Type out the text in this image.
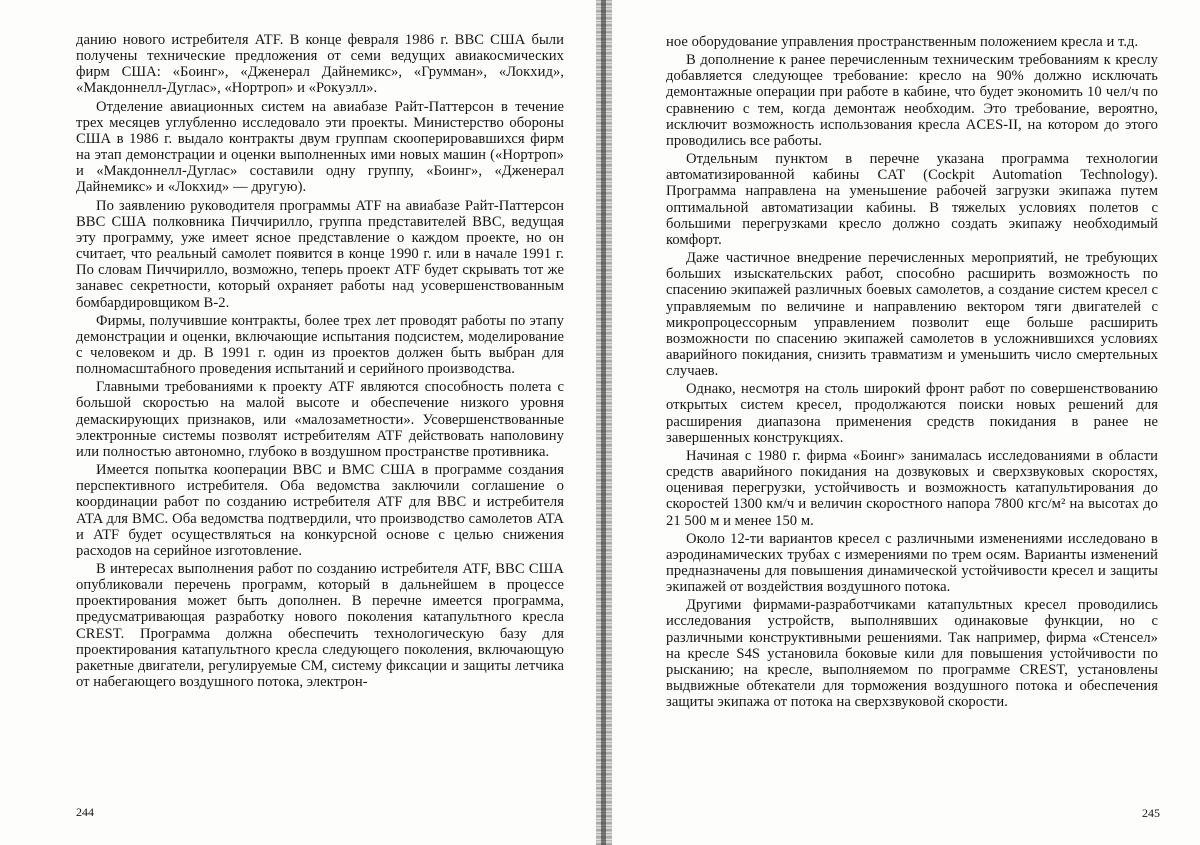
данию нового истребителя ATF. В конце февраля 1986 г. ВВС США были получены технические предложения от семи ведущих авиакосмических фирм США: «Боинг», «Дженерал Дайнемикс», «Грумман», «Локхид», «Макдоннелл-Дуглас», «Нортроп» и «Рокуэлл».

Отделение авиационных систем на авиабазе Райт-Паттерсон в течение трех месяцев углубленно исследовало эти проекты. Министерство обороны США в 1986 г. выдало контракты двум группам скооперировавшихся фирм на этап демонстрации и оценки выполненных ими новых машин («Нортроп» и «Макдоннелл-Дуглас» составили одну группу, «Боинг», «Дженерал Дайнемикс» и «Локхид» — другую).

По заявлению руководителя программы ATF на авиабазе Райт-Паттерсон ВВС США полковника Пиччирилло, группа представителей ВВС, ведущая эту программу, уже имеет ясное представление о каждом проекте, но он считает, что реальный самолет появится в конце 1990 г. или в начале 1991 г. По словам Пиччирилло, возможно, теперь проект ATF будет скрывать тот же занавес секретности, который охраняет работы над усовершенствованным бомбардировщиком B-2.

Фирмы, получившие контракты, более трех лет проводят работы по этапу демонстрации и оценки, включающие испытания подсистем, моделирование с человеком и др. В 1991 г. один из проектов должен быть выбран для полномасштабного проведения испытаний и серийного производства.

Главными требованиями к проекту ATF являются способность полета с большой скоростью на малой высоте и обеспечение низкого уровня демаскирующих признаков, или «малозаметности». Усовершенствованные электронные системы позволят истребителям ATF действовать наполовину или полностью автономно, глубоко в воздушном пространстве противника.

Имеется попытка кооперации ВВС и ВМС США в программе создания перспективного истребителя. Оба ведомства заключили соглашение о координации работ по созданию истребителя ATF для ВВС и истребителя ATA для ВМС. Оба ведомства подтвердили, что производство самолетов ATA и ATF будет осуществляться на конкурсной основе с целью снижения расходов на серийное изготовление.

В интересах выполнения работ по созданию истребителя ATF, ВВС США опубликовали перечень программ, который в дальнейшем в процессе проектирования может быть дополнен. В перечне имеется программа, предусматривающая разработку нового поколения катапультного кресла CREST. Программа должна обеспечить технологическую базу для проектирования катапультного кресла следующего поколения, включающую ракетные двигатели, регулируемые СМ, систему фиксации и защиты летчика от набегающего воздушного потока, электрон-

244

ное оборудование управления пространственным положением кресла и т.д.

В дополнение к ранее перечисленным техническим требованиям к креслу добавляется следующее требование: кресло на 90% должно исключать демонтажные операции при работе в кабине, что будет экономить 10 чел/ч по сравнению с тем, когда демонтаж необходим. Это требование, вероятно, исключит возможность использования кресла ACES-II, на котором до этого проводились все работы.

Отдельным пунктом в перечне указана программа технологии автоматизированной кабины CAT (Cockpit Automation Technology). Программа направлена на уменьшение рабочей загрузки экипажа путем оптимальной автоматизации кабины. В тяжелых условиях полетов с большими перегрузками кресло должно создать экипажу необходимый комфорт.

Даже частичное внедрение перечисленных мероприятий, не требующих больших изыскательских работ, способно расширить возможность по спасению экипажей различных боевых самолетов, а создание систем кресел с управляемым по величине и направлению вектором тяги двигателей с микропроцессорным управлением позволит еще больше расширить возможности по спасению экипажей самолетов в усложнившихся условиях аварийного покидания, снизить травматизм и уменьшить число смертельных случаев.

Однако, несмотря на столь широкий фронт работ по совершенствованию открытых систем кресел, продолжаются поиски новых решений для расширения диапазона применения средств покидания в ранее не завершенных конструкциях.

Начиная с 1980 г. фирма «Боинг» занималась исследованиями в области средств аварийного покидания на дозвуковых и сверхзвуковых скоростях, оценивая перегрузки, устойчивость и возможность катапультирования до скоростей 1300 км/ч и величин скоростного напора 7800 кгс/м² на высотах до 21 500 м и менее 150 м.

Около 12-ти вариантов кресел с различными изменениями исследовано в аэродинамических трубах с измерениями по трем осям. Варианты изменений предназначены для повышения динамической устойчивости кресел и защиты экипажей от воздействия воздушного потока.

Другими фирмами-разработчиками катапультных кресел проводились исследования устройств, выполнявших одинаковые функции, но с различными конструктивными решениями. Так например, фирма «Стенсел» на кресле S4S установила боковые кили для повышения устойчивости по рысканию; на кресле, выполняемом по программе CREST, установлены выдвижные обтекатели для торможения воздушного потока и обеспечения защиты экипажа от потока на сверхзвуковой скорости.

245
